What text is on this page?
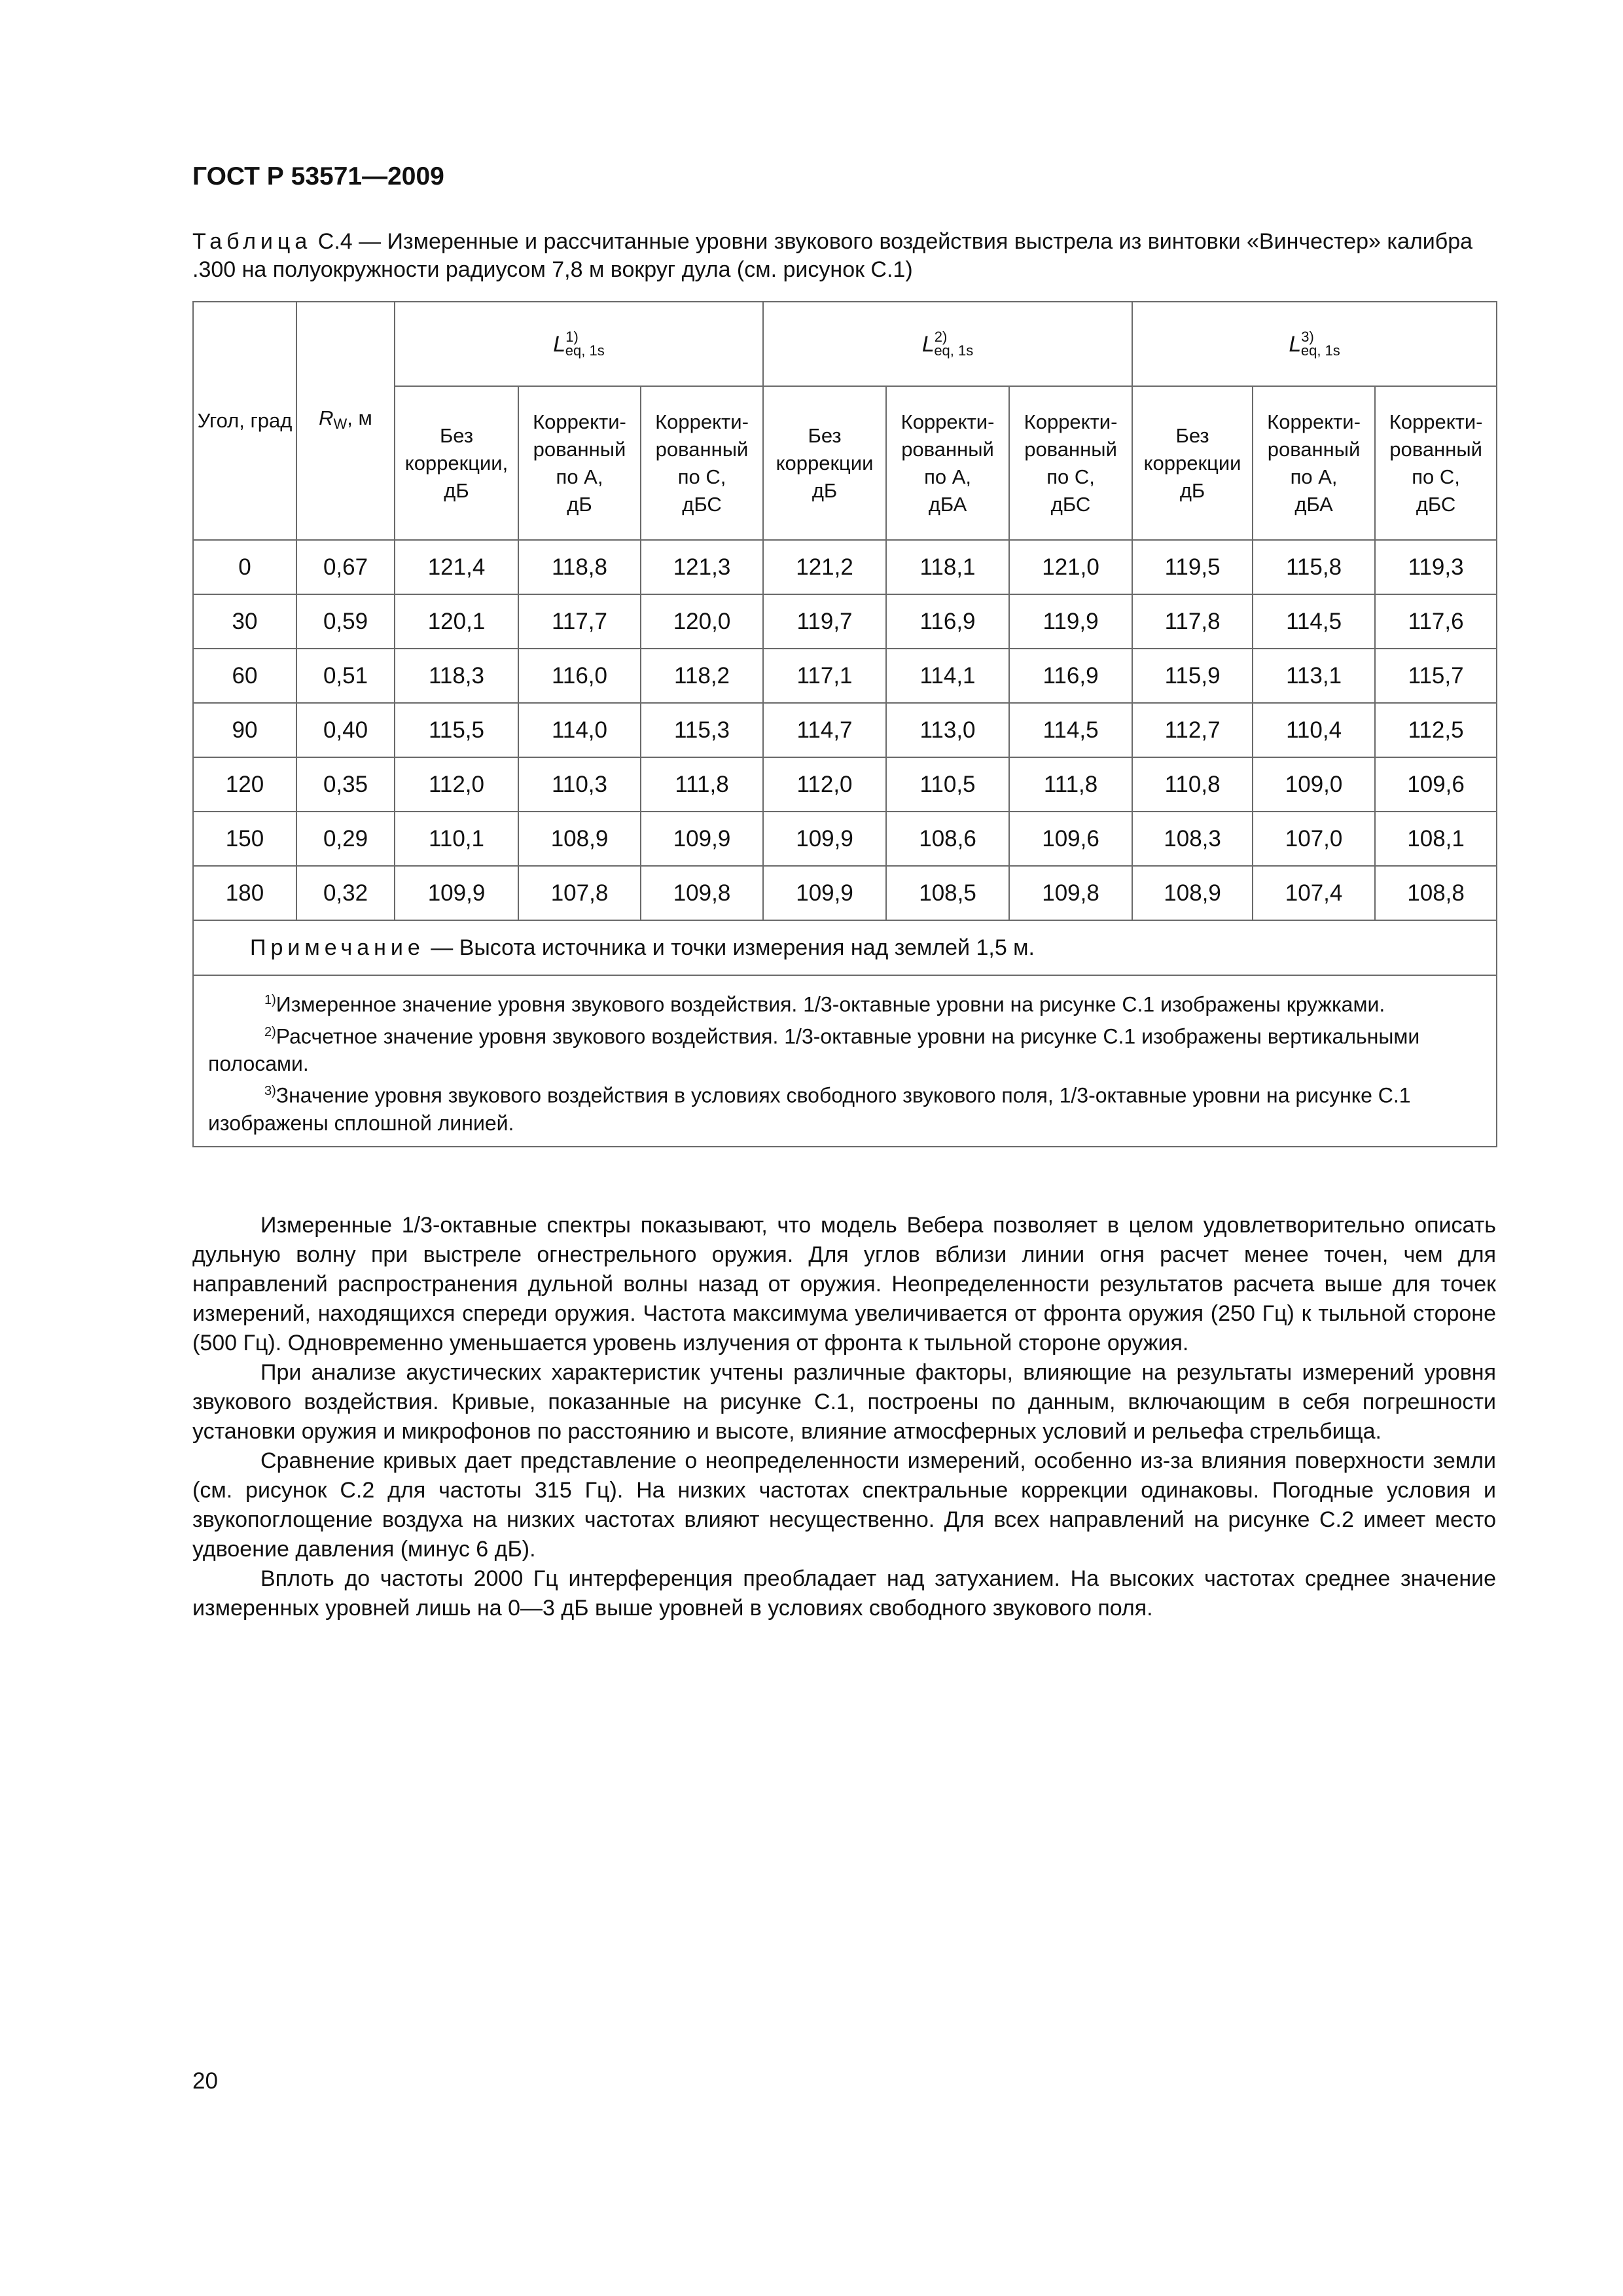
ГОСТ Р 53571—2009
Таблица С.4 — Измеренные и рассчитанные уровни звукового воздействия выстрела из винтовки «Винчестер» калибра .300 на полуокружности радиусом 7,8 м вокруг дула (см. рисунок С.1)
Угол, град	$R_W$, м	$L^{1)}_{eq, 1s}$			$L^{2)}_{eq, 1s}$			$L^{3)}_{eq, 1s}$
		Без
коррекции,
дБ	Корректи-
рованный
по А,
дБ	Корректи-
рованный
по С,
дБС	Без
коррекции
дБ	Корректи-
рованный
по А,
дБА	Корректи-
рованный
по С,
дБС	Без
коррекции
дБ	Корректи-
рованный
по А,
дБА	Корректи-
рованный
по С,
дБС
0	0,67	121,4	118,8	121,3	121,2	118,1	121,0	119,5	115,8	119,3
30	0,59	120,1	117,7	120,0	119,7	116,9	119,9	117,8	114,5	117,6
60	0,51	118,3	116,0	118,2	117,1	114,1	116,9	115,9	113,1	115,7
90	0,40	115,5	114,0	115,3	114,7	113,0	114,5	112,7	110,4	112,5
120	0,35	112,0	110,3	111,8	112,0	110,5	111,8	110,8	109,0	109,6
150	0,29	110,1	108,9	109,9	109,9	108,6	109,6	108,3	107,0	108,1
180	0,32	109,9	107,8	109,8	109,9	108,5	109,8	108,9	107,4	108,8
Примечание — Высота источника и точки измерения над землей 1,5 м.										

$^{1)}$Измеренное значение уровня звукового воздействия. 1/3-октавные уровни на рисунке С.1 изображены кружками.
$^{2)}$Расчетное значение уровня звукового воздействия. 1/3-октавные уровни на рисунке С.1 изображены вертикальными полосами.
$^{3)}$Значение уровня звукового воздействия в условиях свободного звукового поля, 1/3-октавные уровни на рисунке С.1 изображены сплошной линией.										

Измеренные 1/3-октавные спектры показывают, что модель Вебера позволяет в целом удовлетворительно описать дульную волну при выстреле огнестрельного оружия. Для углов вблизи линии огня расчет менее точен, чем для направлений распространения дульной волны назад от оружия. Неопределенности результатов расчета выше для точек измерений, находящихся спереди оружия. Частота максимума увеличивается от фронта оружия (250 Гц) к тыльной стороне (500 Гц). Одновременно уменьшается уровень излучения от фронта к тыльной стороне оружия.

При анализе акустических характеристик учтены различные факторы, влияющие на результаты измерений уровня звукового воздействия. Кривые, показанные на рисунке С.1, построены по данным, включающим в себя погрешности установки оружия и микрофонов по расстоянию и высоте, влияние атмосферных условий и рельефа стрельбища.

Сравнение кривых дает представление о неопределенности измерений, особенно из-за влияния поверхности земли (см. рисунок С.2 для частоты 315 Гц). На низких частотах спектральные коррекции одинаковы. Погодные условия и звукопоглощение воздуха на низких частотах влияют несущественно. Для всех направлений на рисунке С.2 имеет место удвоение давления (минус 6 дБ).

Вплоть до частоты 2000 Гц интерференция преобладает над затуханием. На высоких частотах среднее значение измеренных уровней лишь на 0—3 дБ выше уровней в условиях свободного звукового поля.

20
